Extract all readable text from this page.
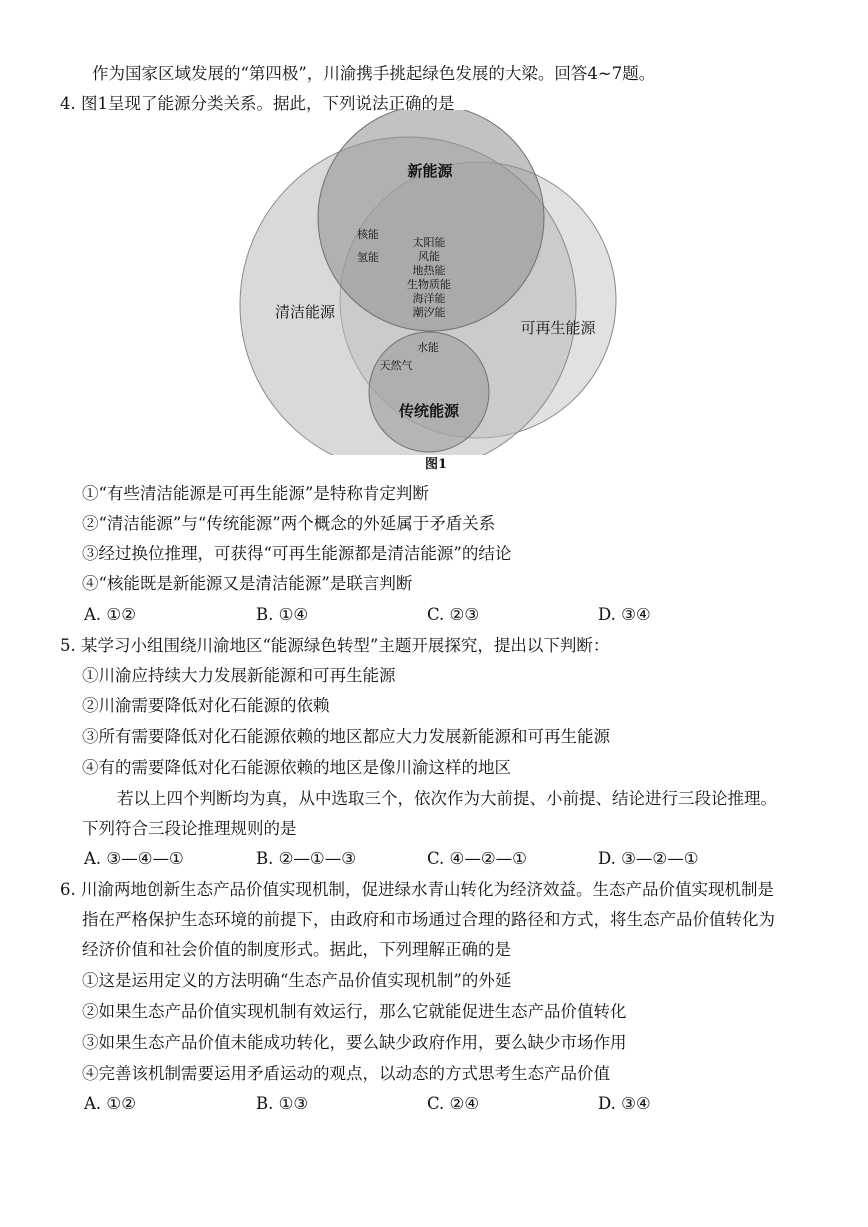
作为国家区域发展的“第四极”，川渝携手挑起绿色发展的大梁。回答4~7题。
4. 图1呈现了能源分类关系。据此，下列说法正确的是
新能源
清洁能源
可再生能源
传统能源
核能
氢能
太阳能
风能
地热能
生物质能
海洋能
潮汐能
水能
天然气
图1
①“有些清洁能源是可再生能源”是特称肯定判断
②“清洁能源”与“传统能源”两个概念的外延属于矛盾关系
③经过换位推理，可获得“可再生能源都是清洁能源”的结论
④“核能既是新能源又是清洁能源”是联言判断
A. ①②	B. ①④	C. ②③	D. ③④
5. 某学习小组围绕川渝地区“能源绿色转型”主题开展探究，提出以下判断：
①川渝应持续大力发展新能源和可再生能源
②川渝需要降低对化石能源的依赖
③所有需要降低对化石能源依赖的地区都应大力发展新能源和可再生能源
④有的需要降低对化石能源依赖的地区是像川渝这样的地区
若以上四个判断均为真，从中选取三个，依次作为大前提、小前提、结论进行三段论推理。
下列符合三段论推理规则的是
A. ③—④—①	B. ②—①—③	C. ④—②—①	D. ③—②—①
6. 川渝两地创新生态产品价值实现机制，促进绿水青山转化为经济效益。生态产品价值实现机制是
指在严格保护生态环境的前提下，由政府和市场通过合理的路径和方式，将生态产品价值转化为
经济价值和社会价值的制度形式。据此，下列理解正确的是
①这是运用定义的方法明确“生态产品价值实现机制”的外延
②如果生态产品价值实现机制有效运行，那么它就能促进生态产品价值转化
③如果生态产品价值未能成功转化，要么缺少政府作用，要么缺少市场作用
④完善该机制需要运用矛盾运动的观点，以动态的方式思考生态产品价值
A. ①②	B. ①③	C. ②④	D. ③④
